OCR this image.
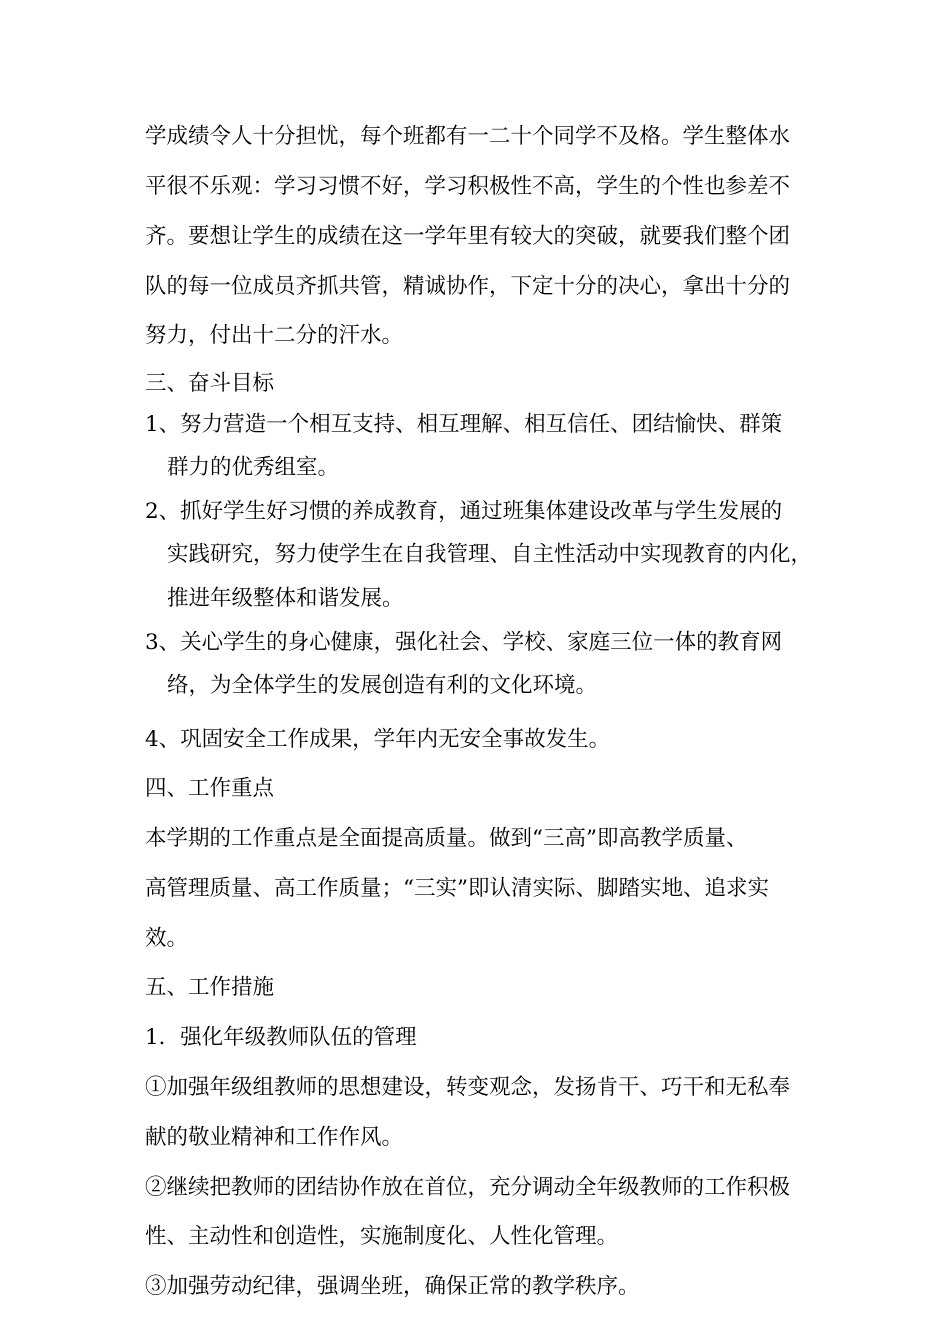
学成绩令人十分担忧，每个班都有一二十个同学不及格。学生整体水
平很不乐观：学习习惯不好，学习积极性不高，学生的个性也参差不
齐。要想让学生的成绩在这一学年里有较大的突破，就要我们整个团
队的每一位成员齐抓共管，精诚协作，下定十分的决心，拿出十分的
努力，付出十二分的汗水。
三、奋斗目标
1、努力营造一个相互支持、相互理解、相互信任、团结愉快、群策
群力的优秀组室。
2、抓好学生好习惯的养成教育，通过班集体建设改革与学生发展的
实践研究，努力使学生在自我管理、自主性活动中实现教育的内化，
推进年级整体和谐发展。
3、关心学生的身心健康，强化社会、学校、家庭三位一体的教育网
络，为全体学生的发展创造有利的文化环境。
4、巩固安全工作成果，学年内无安全事故发生。
四、工作重点
本学期的工作重点是全面提高质量。做到“三高”即高教学质量、
高管理质量、高工作质量；“三实”即认清实际、脚踏实地、追求实
效。
五、工作措施
1．强化年级教师队伍的管理
①加强年级组教师的思想建设，转变观念，发扬肯干、巧干和无私奉
献的敬业精神和工作作风。
②继续把教师的团结协作放在首位，充分调动全年级教师的工作积极
性、主动性和创造性，实施制度化、人性化管理。
③加强劳动纪律，强调坐班，确保正常的教学秩序。
